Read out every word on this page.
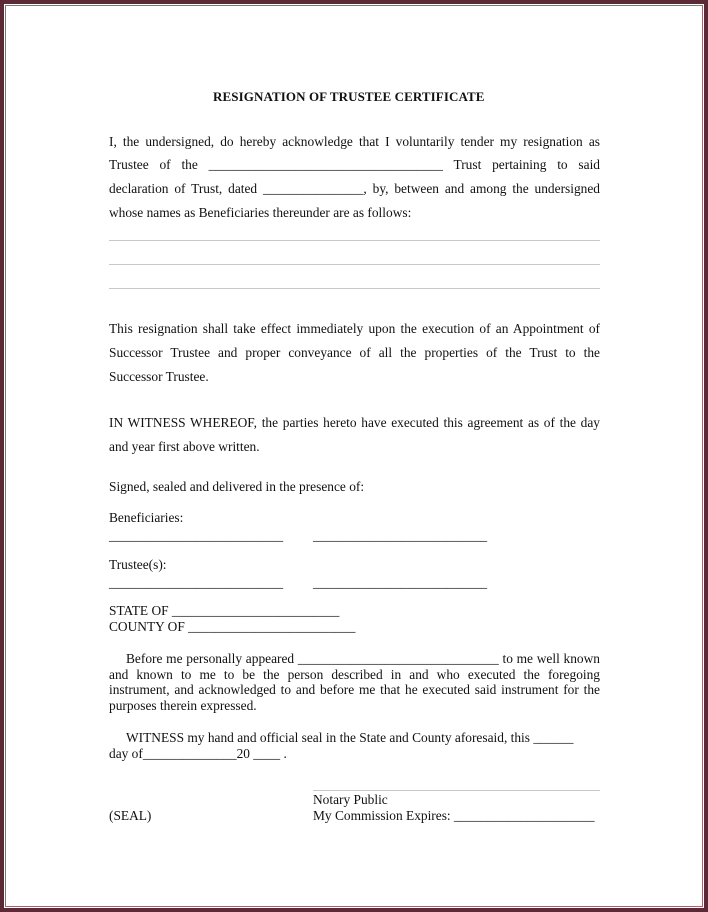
RESIGNATION OF TRUSTEE CERTIFICATE
I, the undersigned, do hereby acknowledge that I voluntarily tender my resignation as
Trustee of the ___________________________________ Trust pertaining to said
declaration of Trust, dated _______________, by, between and among the undersigned
whose names as Beneficiaries thereunder are as follows:
This resignation shall take effect immediately upon the execution of an Appointment of
Successor Trustee and proper conveyance of all the properties of the Trust to the
Successor Trustee.
IN WITNESS WHEREOF, the parties hereto have executed this agreement as of the day
and year first above written.
Signed, sealed and delivered in the presence of:
Beneficiaries:
__________________________ __________________________
Trustee(s):
__________________________ __________________________
STATE OF _________________________
COUNTY OF _________________________
Before me personally appeared ______________________________ to me well known
and known to me to be the person described in and who executed the foregoing
instrument, and acknowledged to and before me that he executed said instrument for the
purposes therein expressed.
WITNESS my hand and official seal in the State and County aforesaid, this ______
day of______________20 ____ .
Notary Public
My Commission Expires: _____________________
(SEAL)
